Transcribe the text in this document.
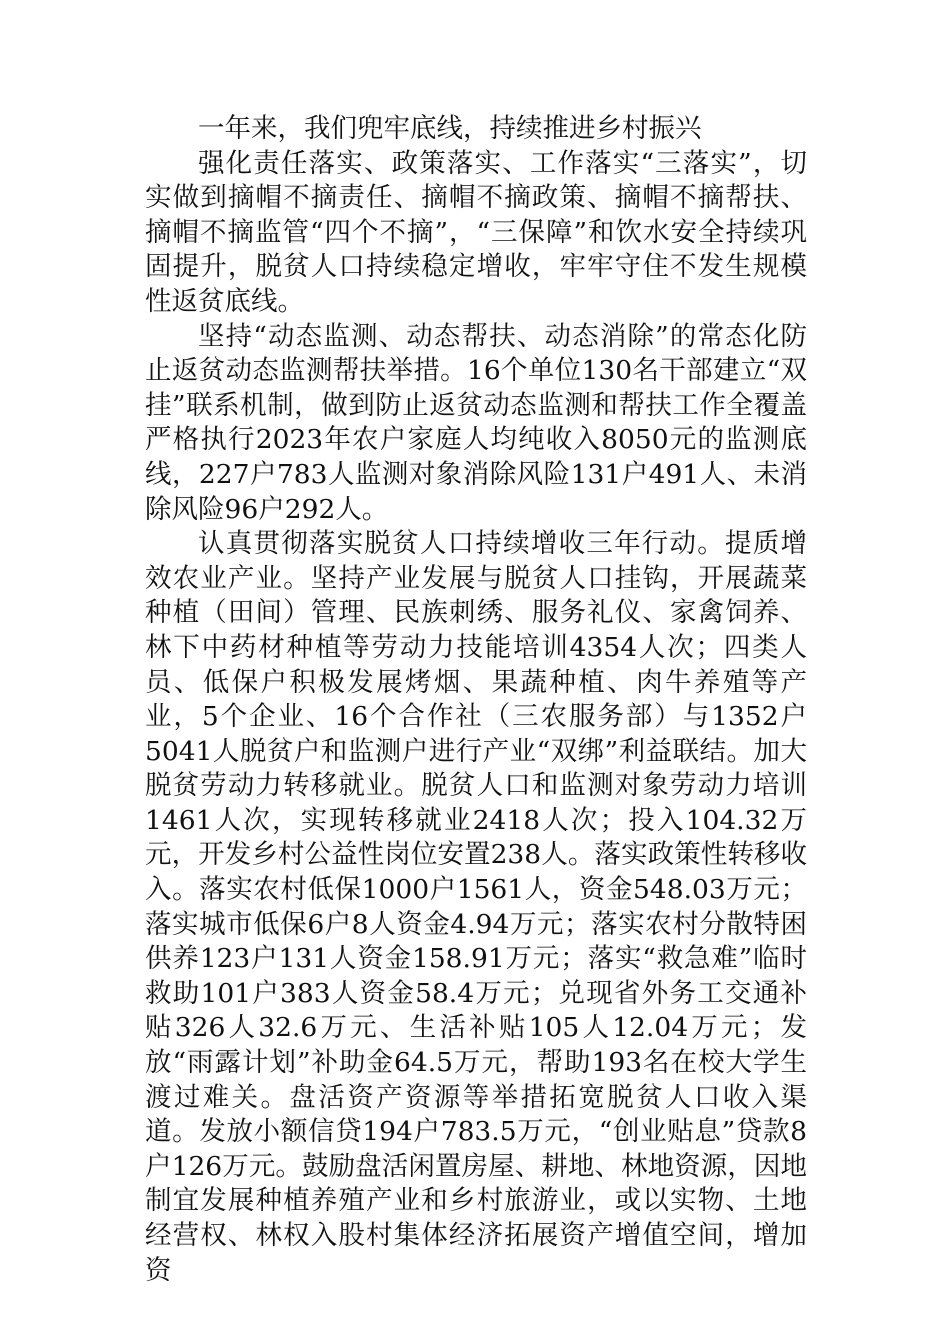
一年来，我们兜牢底线，持续推进乡村振兴

强化责任落实、政策落实、工作落实“三落实”，切实做到摘帽不摘责任、摘帽不摘政策、摘帽不摘帮扶、摘帽不摘监管“四个不摘”，“三保障”和饮水安全持续巩固提升，脱贫人口持续稳定增收，牢牢守住不发生规模性返贫底线。

坚持“动态监测、动态帮扶、动态消除”的常态化防止返贫动态监测帮扶举措。16个单位130名干部建立“双挂”联系机制，做到防止返贫动态监测和帮扶工作全覆盖严格执行2023年农户家庭人均纯收入8050元的监测底线，227户783人监测对象消除风险131户491人、未消除风险96户292人。

认真贯彻落实脱贫人口持续增收三年行动。提质增效农业产业。坚持产业发展与脱贫人口挂钩，开展蔬菜种植（田间）管理、民族刺绣、服务礼仪、家禽饲养、林下中药材种植等劳动力技能培训4354人次；四类人员、低保户积极发展烤烟、果蔬种植、肉牛养殖等产业，5个企业、16个合作社（三农服务部）与1352户5041人脱贫户和监测户进行产业“双绑”利益联结。加大脱贫劳动力转移就业。脱贫人口和监测对象劳动力培训1461人次，实现转移就业2418人次；投入104.32万元，开发乡村公益性岗位安置238人。落实政策性转移收入。落实农村低保1000户1561人，资金548.03万元；落实城市低保6户8人资金4.94万元；落实农村分散特困供养123户131人资金158.91万元；落实“救急难”临时救助101户383人资金58.4万元；兑现省外务工交通补贴326人32.6万元、生活补贴105人12.04万元；发放“雨露计划”补助金64.5万元，帮助193名在校大学生渡过难关。盘活资产资源等举措拓宽脱贫人口收入渠道。发放小额信贷194户783.5万元，“创业贴息”贷款8户126万元。鼓励盘活闲置房屋、耕地、林地资源，因地制宜发展种植养殖产业和乡村旅游业，或以实物、土地经营权、林权入股村集体经济拓展资产增值空间，增加资
